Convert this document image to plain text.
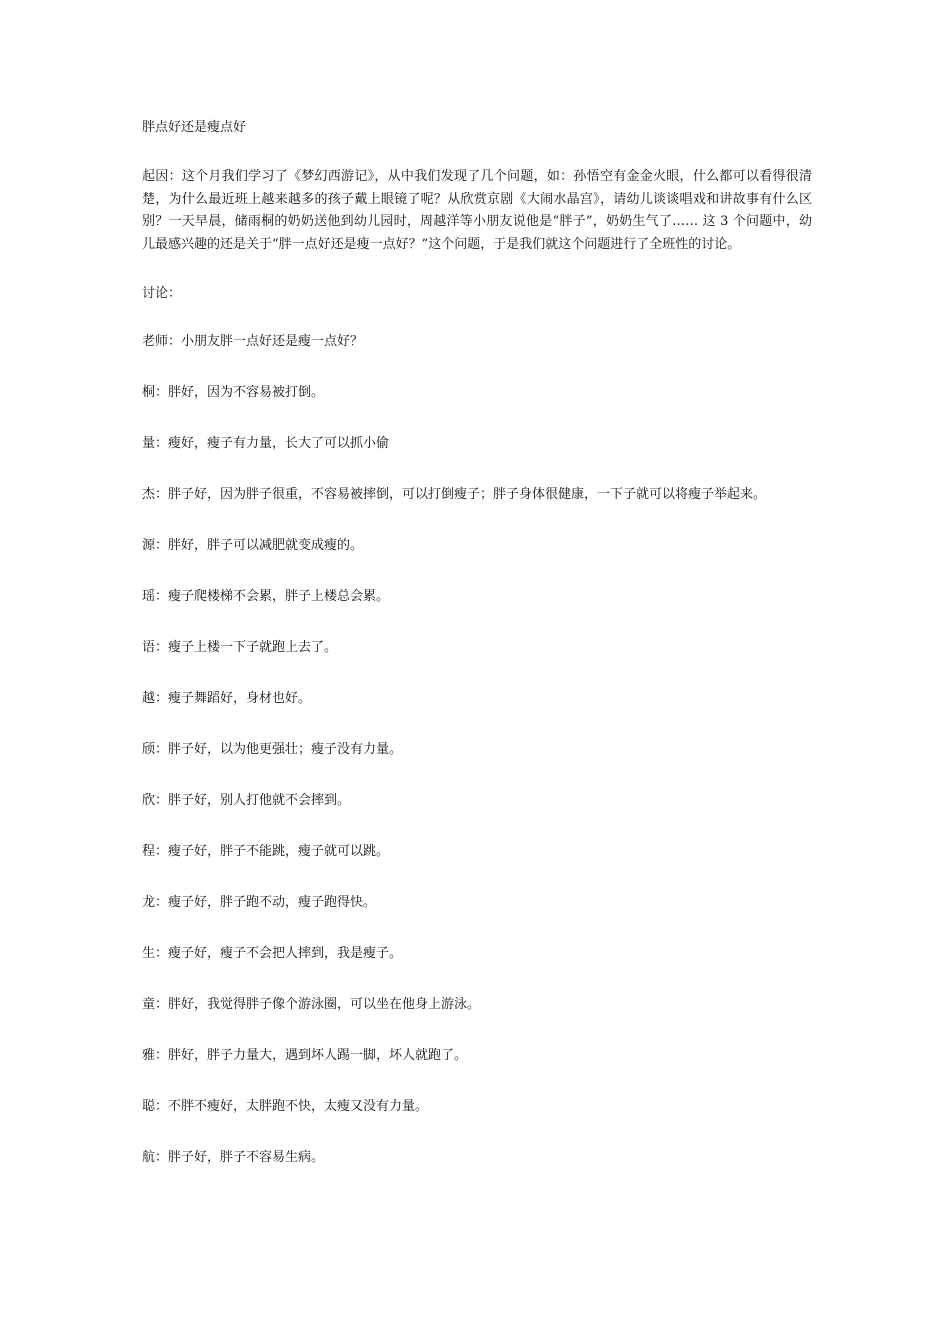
胖点好还是瘦点好
起因：这个月我们学习了《梦幻西游记》，从中我们发现了几个问题，如：孙悟空有金金火眼，什么都可以看得很清楚，为什么最近班上越来越多的孩子戴上眼镜了呢？从欣赏京剧《大闹水晶宫》，请幼儿谈谈唱戏和讲故事有什么区别？一天早晨，储雨桐的奶奶送他到幼儿园时，周越洋等小朋友说他是“胖子”，奶奶生气了…… 这 3 个问题中，幼儿最感兴趣的还是关于“胖一点好还是瘦一点好？”这个问题，于是我们就这个问题进行了全班性的讨论。
讨论：
老师：小朋友胖一点好还是瘦一点好？
桐：胖好，因为不容易被打倒。
量：瘦好，瘦子有力量，长大了可以抓小偷
杰：胖子好，因为胖子很重，不容易被摔倒，可以打倒瘦子；胖子身体很健康，一下子就可以将瘦子举起来。
源：胖好，胖子可以减肥就变成瘦的。
瑶：瘦子爬楼梯不会累，胖子上楼总会累。
语：瘦子上楼一下子就跑上去了。
越：瘦子舞蹈好，身材也好。
颀：胖子好，以为他更强壮；瘦子没有力量。
欣：胖子好，别人打他就不会摔到。
程：瘦子好，胖子不能跳，瘦子就可以跳。
龙：瘦子好，胖子跑不动，瘦子跑得快。
生：瘦子好，瘦子不会把人摔到，我是瘦子。
童：胖好，我觉得胖子像个游泳圈，可以坐在他身上游泳。
雅：胖好，胖子力量大，遇到坏人踢一脚，坏人就跑了。
聪：不胖不瘦好，太胖跑不快，太瘦又没有力量。
航：胖子好，胖子不容易生病。
